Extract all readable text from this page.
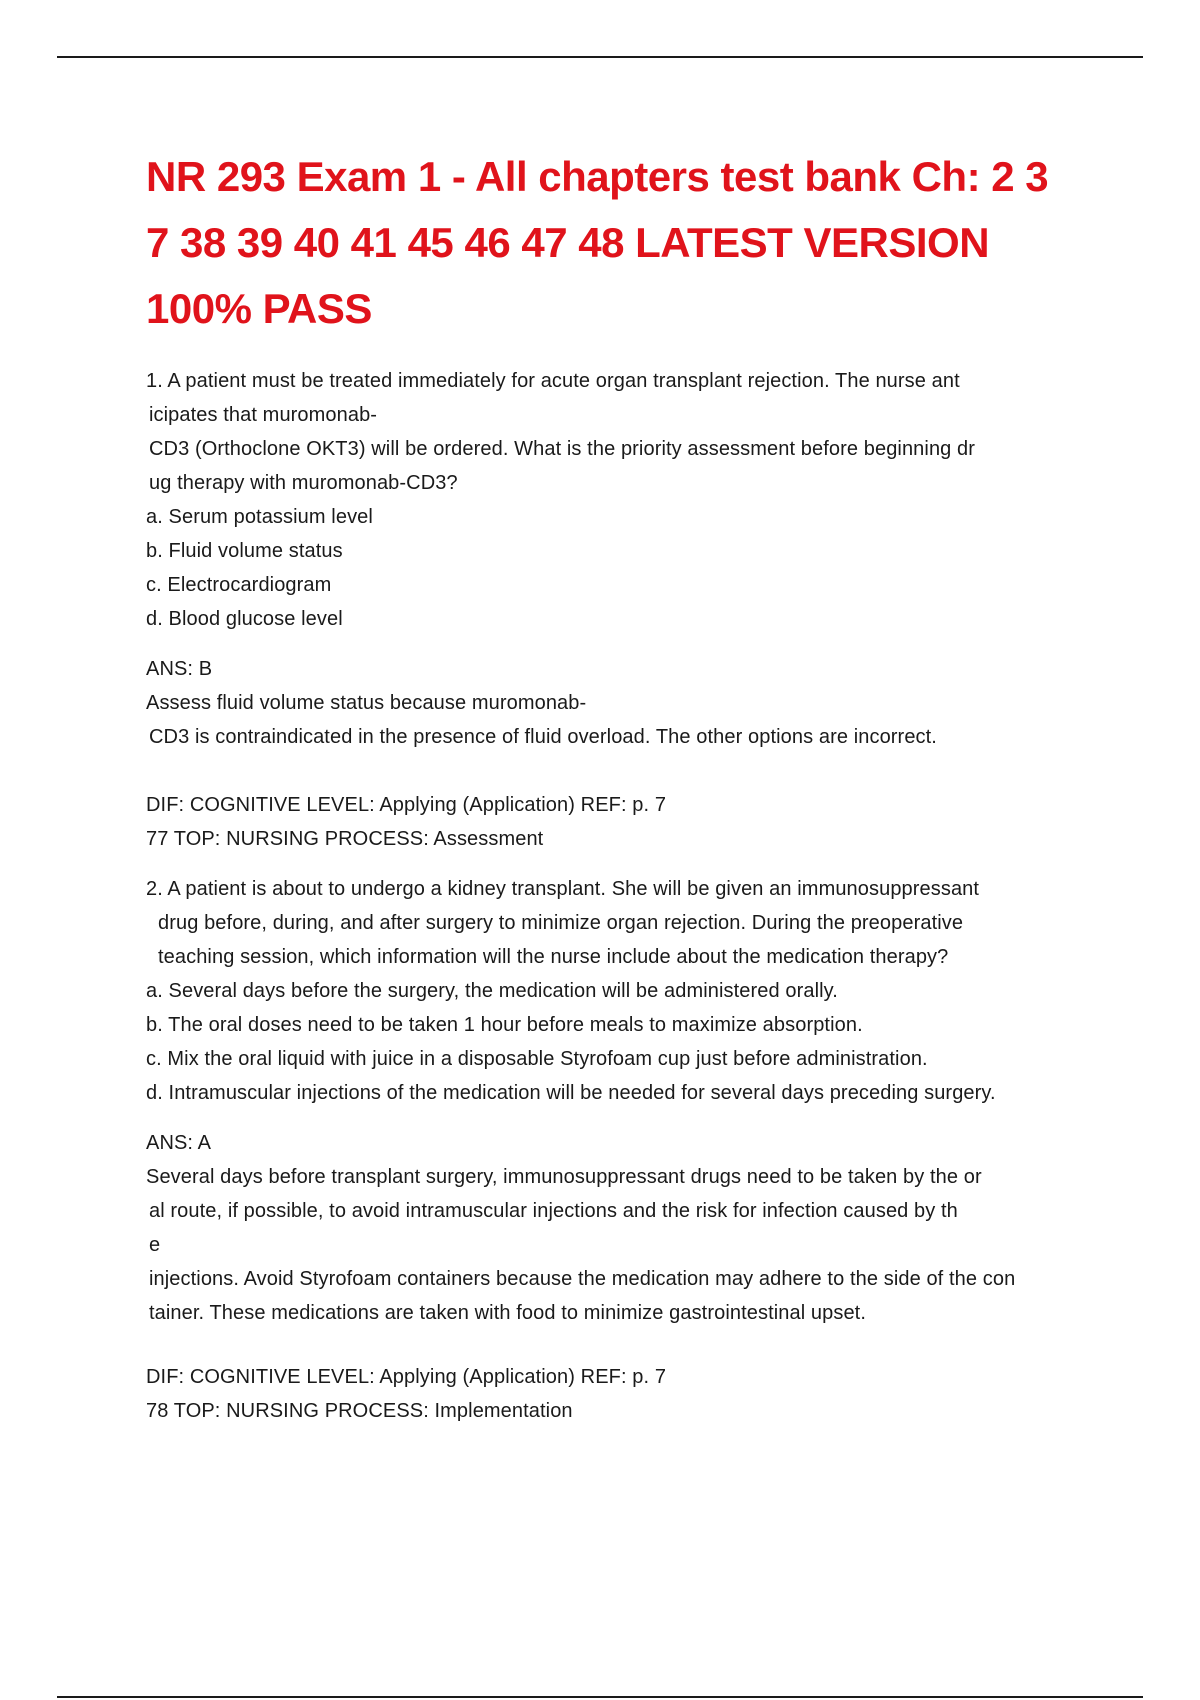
NR 293 Exam 1 - All chapters test bank Ch: 2 3
7 38 39 40 41 45 46 47 48 LATEST VERSION
100% PASS
1. A patient must be treated immediately for acute organ transplant rejection. The nurse ant
icipates that muromonab-
CD3 (Orthoclone OKT3) will be ordered. What is the priority assessment before beginning dr
ug therapy with muromonab-CD3?
a. Serum potassium level
b. Fluid volume status
c. Electrocardiogram
d. Blood glucose level
ANS: B
Assess fluid volume status because muromonab-
CD3 is contraindicated in the presence of fluid overload. The other options are incorrect.
DIF: COGNITIVE LEVEL: Applying (Application) REF: p. 7
77 TOP: NURSING PROCESS: Assessment
2. A patient is about to undergo a kidney transplant. She will be given an immunosuppressant
drug before, during, and after surgery to minimize organ rejection. During the preoperative
teaching session, which information will the nurse include about the medication therapy?
a. Several days before the surgery, the medication will be administered orally.
b. The oral doses need to be taken 1 hour before meals to maximize absorption.
c. Mix the oral liquid with juice in a disposable Styrofoam cup just before administration.
d. Intramuscular injections of the medication will be needed for several days preceding surgery.
ANS: A
Several days before transplant surgery, immunosuppressant drugs need to be taken by the or
al route, if possible, to avoid intramuscular injections and the risk for infection caused by th
e
injections. Avoid Styrofoam containers because the medication may adhere to the side of the con
tainer. These medications are taken with food to minimize gastrointestinal upset.
DIF: COGNITIVE LEVEL: Applying (Application) REF: p. 7
78 TOP: NURSING PROCESS: Implementation
